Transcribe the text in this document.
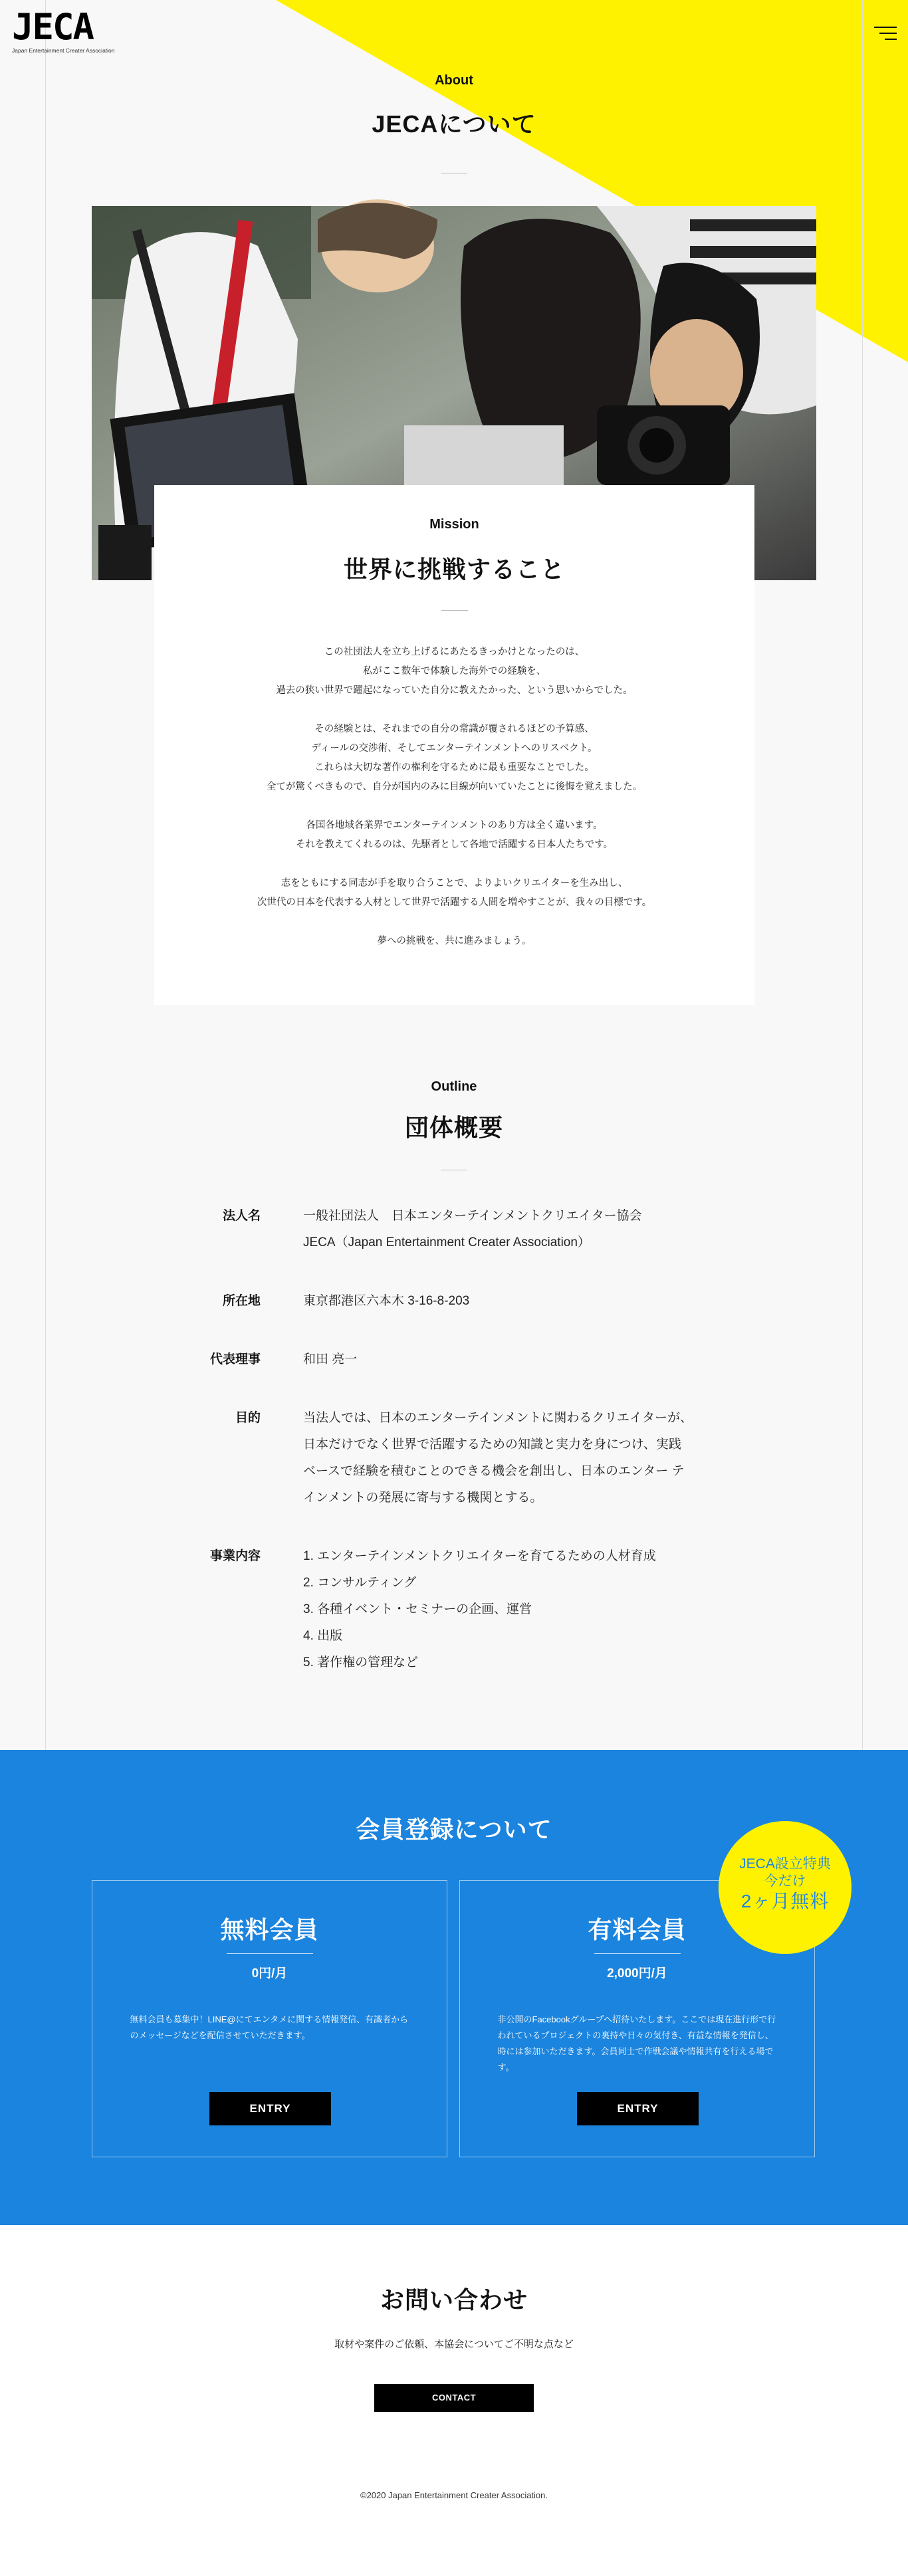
JECA
Japan Entertainment Creater Association
About
JECAについて
Mission
世界に挑戦すること

この社団法人を立ち上げるにあたるきっかけとなったのは、
私がここ数年で体験した海外での経験を、
過去の狭い世界で躍起になっていた自分に教えたかった、という思いからでした。

その経験とは、それまでの自分の常識が覆されるほどの予算感、
ディールの交渉術、そしてエンターテインメントへのリスペクト。
これらは大切な著作の権利を守るために最も重要なことでした。
全てが驚くべきもので、自分が国内のみに目線が向いていたことに後悔を覚えました。

各国各地域各業界でエンターテインメントのあり方は全く違います。
それを教えてくれるのは、先駆者として各地で活躍する日本人たちです。

志をともにする同志が手を取り合うことで、よりよいクリエイターを生み出し、
次世代の日本を代表する人材として世界で活躍する人間を増やすことが、我々の目標です。

夢への挑戦を、共に進みましょう。

Outline
団体概要
法人名	一般社団法人　日本エンターテインメントクリエイター協会
JECA（Japan Entertainment Creater Association）
所在地	東京都港区六本木 3-16-8-203
代表理事	和田 亮一
目的	当法人では、日本のエンターテインメントに関わるクリエイターが、
日本だけでなく世界で活躍するための知識と実力を身につけ、実践
ベースで経験を積むことのできる機会を創出し、日本のエンター テ
インメントの発展に寄与する機関とする。
事業内容	1. エンターテインメントクリエイターを育てるための人材育成
2. コンサルティング
3. 各種イベント・セミナーの企画、運営
4. 出版
5. 著作権の管理など
会員登録について
JECA設立特典
今だけ
2ヶ月無料
無料会員
0円/月
無料会員も募集中！LINE@にてエンタメに関する情報発信、有識者からのメッセージなどを配信させていただきます。
ENTRY
有料会員
2,000円/月
非公開のFacebookグループへ招待いたします。ここでは現在進行形で行われているプロジェクトの裏持や日々の気付き、有益な情報を発信し、時には参加いただきます。会員同士で作戦会議や情報共有を行える場です。
ENTRY
お問い合わせ
取材や案件のご依頼、本協会についてご不明な点など
CONTACT
©2020 Japan Entertainment Creater Association.
